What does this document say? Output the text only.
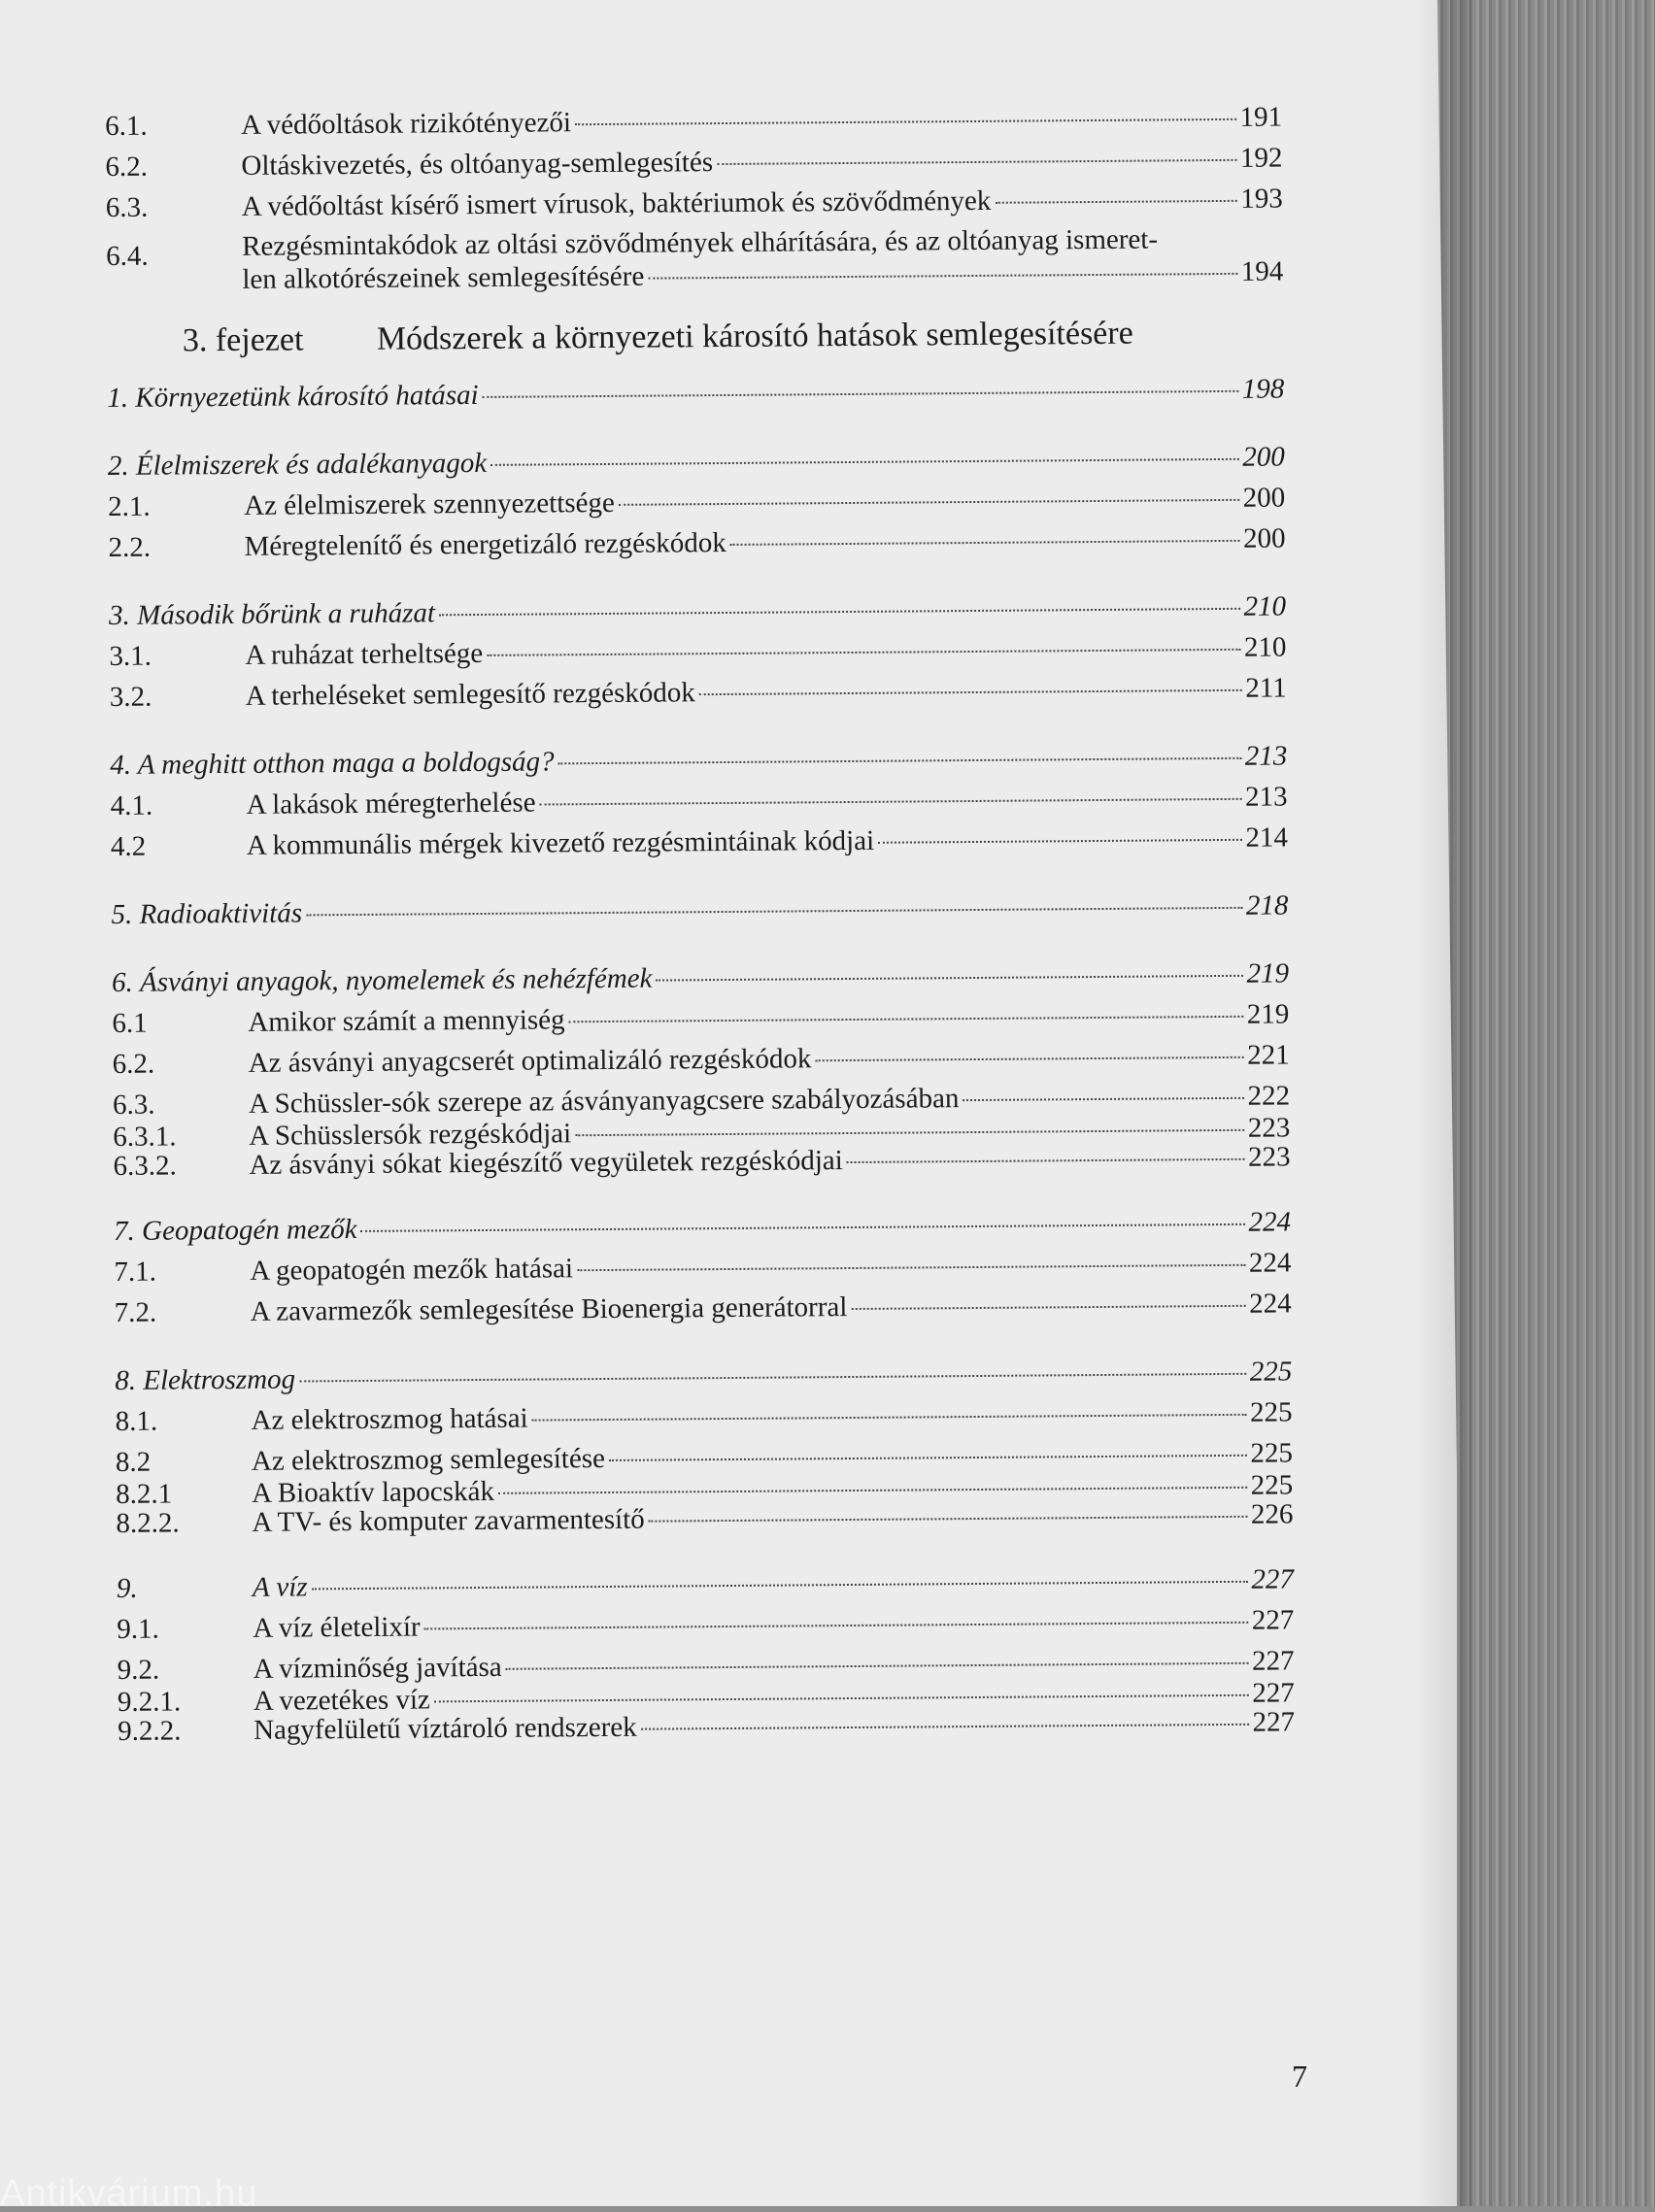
6.1.	A védőoltások rizikótényezői	191
6.2.	Oltáskivezetés, és oltóanyag-semlegesítés	192
6.3.	A védőoltást kísérő ismert vírusok, baktériumok és szövődmények	193
6.4.	Rezgésmintakódok az oltási szövődmények elhárítására, és az oltóanyag ismeret-
len alkotórészeinek semlegesítésére	194
3. fejezet	Módszerek a környezeti károsító hatások semlegesítésére
1. Környezetünk károsító hatásai	198
2. Élelmiszerek és adalékanyagok	200
2.1.	Az élelmiszerek szennyezettsége	200
2.2.	Méregtelenítő és energetizáló rezgéskódok	200
3. Második bőrünk a ruházat	210
3.1.	A ruházat terheltsége	210
3.2.	A terheléseket semlegesítő rezgéskódok	211
4. A meghitt otthon maga a boldogság?	213
4.1.	A lakások méregterhelése	213
4.2	A kommunális mérgek kivezető rezgésmintáinak kódjai	214
5. Radioaktivitás	218
6. Ásványi anyagok, nyomelemek és nehézfémek	219
6.1	Amikor számít a mennyiség	219
6.2.	Az ásványi anyagcserét optimalizáló rezgéskódok	221
6.3.	A Schüssler-sók szerepe az ásványanyagcsere szabályozásában	222
6.3.1.	A Schüsslersók rezgéskódjai	223
6.3.2.	Az ásványi sókat kiegészítő vegyületek rezgéskódjai	223
7. Geopatogén mezők	224
7.1.	A geopatogén mezők hatásai	224
7.2.	A zavarmezők semlegesítése Bioenergia generátorral	224
8. Elektroszmog	225
8.1.	Az elektroszmog hatásai	225
8.2	Az elektroszmog semlegesítése	225
8.2.1	A Bioaktív lapocskák	225
8.2.2.	A TV- és komputer zavarmentesítő	226
9.	A víz	227
9.1.	A víz életelixír	227
9.2.	A vízminőség javítása	227
9.2.1.	A vezetékes víz	227
9.2.2.	Nagyfelületű víztároló rendszerek	227
7
Antikvárium.hu
